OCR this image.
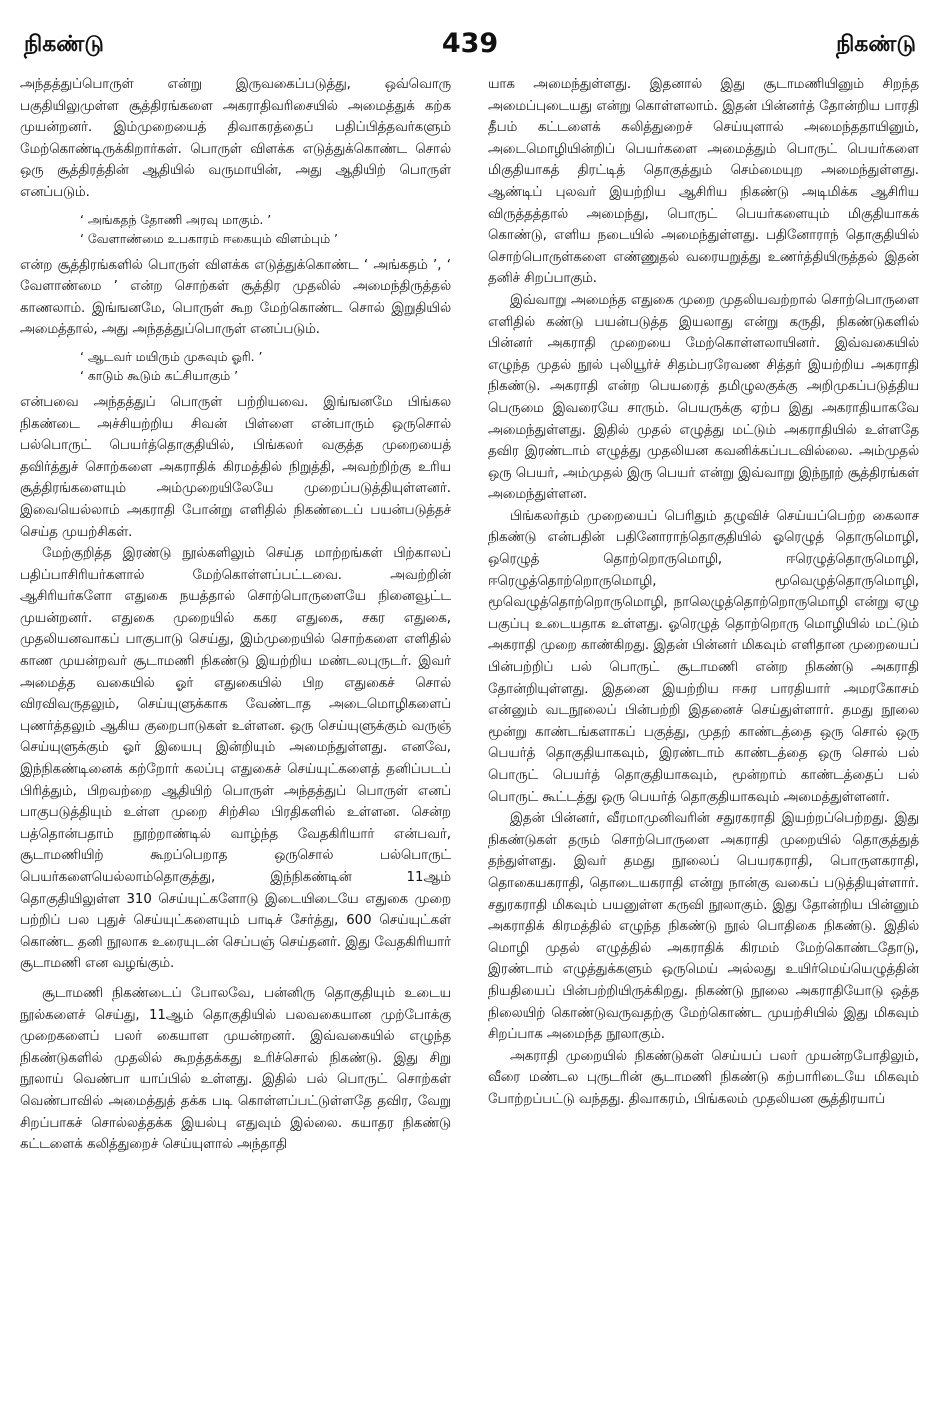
நிகண்டு	439	நிகண்டு

அந்தத்துப்பொருள் என்று இருவகைப்படுத்து, ஒவ்வொரு பகுதியிலுமுள்ள சூத்திரங்களை அகராதிவரிசையில் அமைத்துக் கற்க முயன்றனர். இம்முறையைத் திவாகரத்தைப் பதிப்பித்தவர்களும் மேற்கொண்டிருக்கிறார்கள். பொருள் விளக்க எடுத்துக்கொண்ட சொல் ஒரு சூத்திரத்தின் ஆதியில் வருமாயின், அது ஆதியிற் பொருள் எனப்படும்.

‘ அங்கதந் தோணி அரவு மாகும். ’
‘ வேளாண்மை உபகாரம் ஈகையும் விளம்பும் ’

என்ற சூத்திரங்களில் பொருள் விளக்க எடுத்துக்கொண்ட ‘ அங்கதம் ’, ‘ வேளாண்மை ’ என்ற சொற்கள் சூத்திர முதலில் அமைந்திருத்தல் காணலாம். இங்ஙனமே, பொருள் கூற மேற்கொண்ட சொல் இறுதியில் அமைத்தால், அது அந்தத்துப்பொருள் எனப்படும்.

‘ ஆடவர் மயிரும் முசுவும் ஓரி. ’
‘ காடும் கூடும் கட்சியாகும் ’

என்பவை அந்தத்துப் பொருள் பற்றியவை. இங்ஙனமே பிங்கல நிகண்டை அச்சியற்றிய சிவன் பிள்ளை என்பாரும் ஒருசொல் பல்பொருட் பெயர்த்தொகுதியில், பிங்கலர் வகுத்த முறையைத் தவிர்த்துச் சொற்களை அகராதிக் கிரமத்தில் நிறுத்தி, அவற்றிற்கு உரிய சூத்திரங்களையும் அம்முறையிலேயே முறைப்படுத்தியுள்ளனர். இவையெல்லாம் அகராதி போன்று எளிதில் நிகண்டைப் பயன்படுத்தச் செய்த முயற்சிகள்.

மேற்குறித்த இரண்டு நூல்களிலும் செய்த மாற்றங்கள் பிற்காலப் பதிப்பாசிரியர்களால் மேற்கொள்ளப்பட்டவை. அவற்றின் ஆசிரியர்களோ எதுகை நயத்தால் சொற்பொருளையே நினைவூட்ட முயன்றனர். எதுகை முறையில் ககர எதுகை, சகர எதுகை, முதலியனவாகப் பாகுபாடு செய்து, இம்முறையில் சொற்களை எளிதில் காண முயன்றவர் சூடாமணி நிகண்டு இயற்றிய மண்டலபுருடர். இவர் அமைத்த வகையில் ஓர் எதுகையில் பிற எதுகைச் சொல் விரவிவருதலும், செய்யுளுக்காக வேண்டாத அடைமொழிகளைப் புணர்த்தலும் ஆகிய குறைபாடுகள் உள்ளன. ஒரு செய்யுளுக்கும் வருஞ் செய்யுளுக்கும் ஓர் இயைபு இன்றியும் அமைந்துள்ளது. எனவே, இந்நிகண்டினைக் கற்றோர் கலப்பு எதுகைச் செய்யுட்களைத் தனிப்படப் பிரித்தும், பிறவற்றை ஆதியிற் பொருள் அந்தத்துப் பொருள் எனப் பாகுபடுத்தியும் உள்ள முறை சிற்சில பிரதிகளில் உள்ளன. சென்ற பத்தொன்பதாம் நூற்றாண்டில் வாழ்ந்த வேதகிரியார் என்பவர், சூடாமணியிற் கூறப்பெறாத ஒருசொல் பல்பொருட் பெயர்களையெல்லாம்தொகுத்து, இந்நிகண்டின் 11ஆம் தொகுதியிலுள்ள 310 செய்யுட்களோடு இடையிடையே எதுகை முறை பற்றிப் பல புதுச் செய்யுட்களையும் பாடிச் சேர்த்து, 600 செய்யுட்கள் கொண்ட தனி நூலாக உரையுடன் செப்பஞ் செய்தனர். இது வேதகிரியார் சூடாமணி என வழங்கும்.

சூடாமணி நிகண்டைப் போலவே, பன்னிரு தொகுதியும் உடைய நூல்களைச் செய்து, 11ஆம் தொகுதியில் பலவகையான முற்போக்கு முறைகளைப் பலர் கையாள முயன்றனர். இவ்வகையில் எழுந்த நிகண்டுகளில் முதலில் கூறத்தக்கது உரிச்சொல் நிகண்டு. இது சிறு நூலாய் வெண்பா யாப்பில் உள்ளது. இதில் பல் பொருட் சொற்கள் வெண்பாவில் அமைத்துத் தக்க படி கொள்ளப்பட்டுள்ளதே தவிர, வேறு சிறப்பாகச் சொல்லத்தக்க இயல்பு எதுவும் இல்லை. கயாதர நிகண்டு கட்டளைக் கலித்துறைச் செய்யுளால் அந்தாதி

யாக அமைந்துள்ளது. இதனால் இது சூடாமணியினும் சிறந்த அமைப்புடையது என்று கொள்ளலாம். இதன் பின்னர்த் தோன்றிய பாரதி தீபம் கட்டளைக் கலித்துறைச் செய்யுளால் அமைந்ததாயினும், அடைமொழியின்றிப் பெயர்களை அமைத்தும் பொருட் பெயர்களை மிகுதியாகத் திரட்டித் தொகுத்தும் செம்மையுற அமைந்துள்ளது. ஆண்டிப் புலவர் இயற்றிய ஆசிரிய நிகண்டு அடிமிக்க ஆசிரிய விருத்தத்தால் அமைந்து, பொருட் பெயர்களையும் மிகுதியாகக் கொண்டு, எளிய நடையில் அமைந்துள்ளது. பதினோராந் தொகுதியில் சொற்பொருள்களை எண்ணுதல் வரையறுத்து உணர்த்தியிருத்தல் இதன் தனிச் சிறப்பாகும்.

இவ்வாறு அமைந்த எதுகை முறை முதலியவற்றால் சொற்பொருளை எளிதில் கண்டு பயன்படுத்த இயலாது என்று கருதி, நிகண்டுகளில் பின்னர் அகராதி முறையை மேற்கொள்ளலாயினர். இவ்வகையில் எழுந்த முதல் நூல் புலியூர்ச் சிதம்பரரேவண சித்தர் இயற்றிய அகராதி நிகண்டு. அகராதி என்ற பெயரைத் தமிழுலகுக்கு அறிமுகப்படுத்திய பெருமை இவரையே சாரும். பெயருக்கு ஏற்ப இது அகராதியாகவே அமைந்துள்ளது. இதில் முதல் எழுத்து மட்டும் அகராதியில் உள்ளதே தவிர இரண்டாம் எழுத்து முதலியன கவனிக்கப்படவில்லை. அம்முதல் ஒரு பெயர், அம்முதல் இரு பெயர் என்று இவ்வாறு இந்நூற் சூத்திரங்கள் அமைந்துள்ளன.

பிங்கலர்தம் முறையைப் பெரிதும் தழுவிச் செய்யப்பெற்ற கைலாச நிகண்டு என்பதின் பதினோராந்தொகுதியில் ஓரெழுத் தொருமொழி, ஒரெழுத் தொற்றொருமொழி, ஈரெழுத்தொருமொழி, ஈரெழுத்தொற்றொருமொழி, மூவெழுத்தொருமொழி, மூவெழுத்தொற்றொருமொழி, நாலெழுத்தொற்றொருமொழி என்று ஏழு பகுப்பு உடையதாக உள்ளது. ஓரெழுத் தொற்றொரு மொழியில் மட்டும் அகராதி முறை காண்கிறது. இதன் பின்னர் மிகவும் எளிதான முறையைப் பின்பற்றிப் பல் பொருட் சூடாமணி என்ற நிகண்டு அகராதி தோன்றியுள்ளது. இதனை இயற்றிய ஈசுர பாரதியார் அமரகோசம் என்னும் வடநூலைப் பின்பற்றி இதனைச் செய்துள்ளார். தமது நூலை மூன்று காண்டங்களாகப் பகுத்து, முதற் காண்டத்தை ஒரு சொல் ஒரு பெயர்த் தொகுதியாகவும், இரண்டாம் காண்டத்தை ஒரு சொல் பல் பொருட் பெயர்த் தொகுதியாகவும், மூன்றாம் காண்டத்தைப் பல் பொருட் கூட்டத்து ஒரு பெயர்த் தொகுதியாகவும் அமைத்துள்ளனர்.

இதன் பின்னர், வீரமாமுனிவரின் சதுரகராதி இயற்றப்பெற்றது. இது நிகண்டுகள் தரும் சொற்பொருளை அகராதி முறையில் தொகுத்துத் தந்துள்ளது. இவர் தமது நூலைப் பெயரகராதி, பொருளகராதி, தொகையகராதி, தொடையகராதி என்று நான்கு வகைப் படுத்தியுள்ளார். சதுரகராதி மிகவும் பயனுள்ள கருவி நூலாகும். இது தோன்றிய பின்னும் அகராதிக் கிரமத்தில் எழுந்த நிகண்டு நூல் பொதிகை நிகண்டு. இதில் மொழி முதல் எழுத்தில் அகராதிக் கிரமம் மேற்கொண்டதோடு, இரண்டாம் எழுத்துக்களும் ஒருமெய் அல்லது உயிர்மெய்யெழுத்தின் நியதியைப் பின்பற்றியிருக்கிறது. நிகண்டு நூலை அகராதியோடு ஒத்த நிலையிற் கொண்டுவருவதற்கு மேற்கொண்ட முயற்சியில் இது மிகவும் சிறப்பாக அமைந்த நூலாகும்.

அகராதி முறையில் நிகண்டுகள் செய்யப் பலர் முயன்றபோதிலும், வீரை மண்டல புருடரின் சூடாமணி நிகண்டு கற்பாரிடையே மிகவும் போற்றப்பட்டு வந்தது. திவாகரம், பிங்கலம் முதலியன சூத்திரயாப்
